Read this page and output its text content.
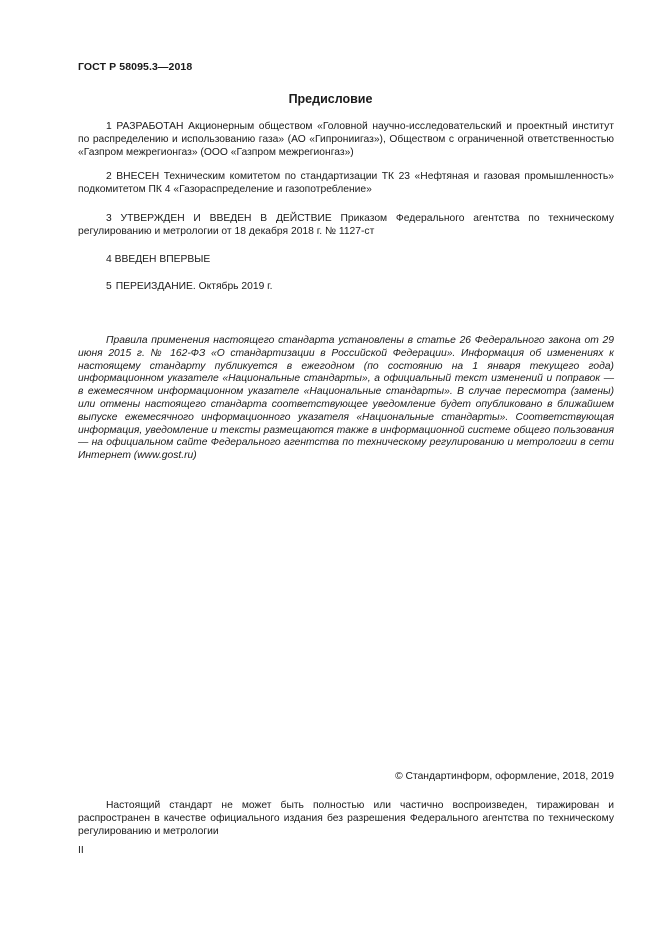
ГОСТ Р 58095.3—2018
Предисловие
1 РАЗРАБОТАН Акционерным обществом «Головной научно-исследовательский и проектный институт по распределению и использованию газа» (АО «Гипрониигаз»), Обществом с ограниченной ответственностью «Газпром межрегионгаз» (ООО «Газпром межрегионгаз»)
2 ВНЕСЕН Техническим комитетом по стандартизации ТК 23 «Нефтяная и газовая промышленность» подкомитетом ПК 4 «Газораспределение и газопотребление»
3 УТВЕРЖДЕН И ВВЕДЕН В ДЕЙСТВИЕ Приказом Федерального агентства по техническому регулированию и метрологии от 18 декабря 2018 г. № 1127-ст
4 ВВЕДЕН ВПЕРВЫЕ
5 ПЕРЕИЗДАНИЕ. Октябрь 2019 г.
Правила применения настоящего стандарта установлены в статье 26 Федерального закона от 29 июня 2015 г. № 162-ФЗ «О стандартизации в Российской Федерации». Информация об изменениях к настоящему стандарту публикуется в ежегодном (по состоянию на 1 января текущего года) информационном указателе «Национальные стандарты», а официальный текст изменений и поправок — в ежемесячном информационном указателе «Национальные стандарты». В случае пересмотра (замены) или отмены настоящего стандарта соответствующее уведомление будет опубликовано в ближайшем выпуске ежемесячного информационного указателя «Национальные стандарты». Соответствующая информация, уведомление и тексты размещаются также в информационной системе общего пользования — на официальном сайте Федерального агентства по техническому регулированию и метрологии в сети Интернет (www.gost.ru)
© Стандартинформ, оформление, 2018, 2019
Настоящий стандарт не может быть полностью или частично воспроизведен, тиражирован и распространен в качестве официального издания без разрешения Федерального агентства по техническому регулированию и метрологии
II
